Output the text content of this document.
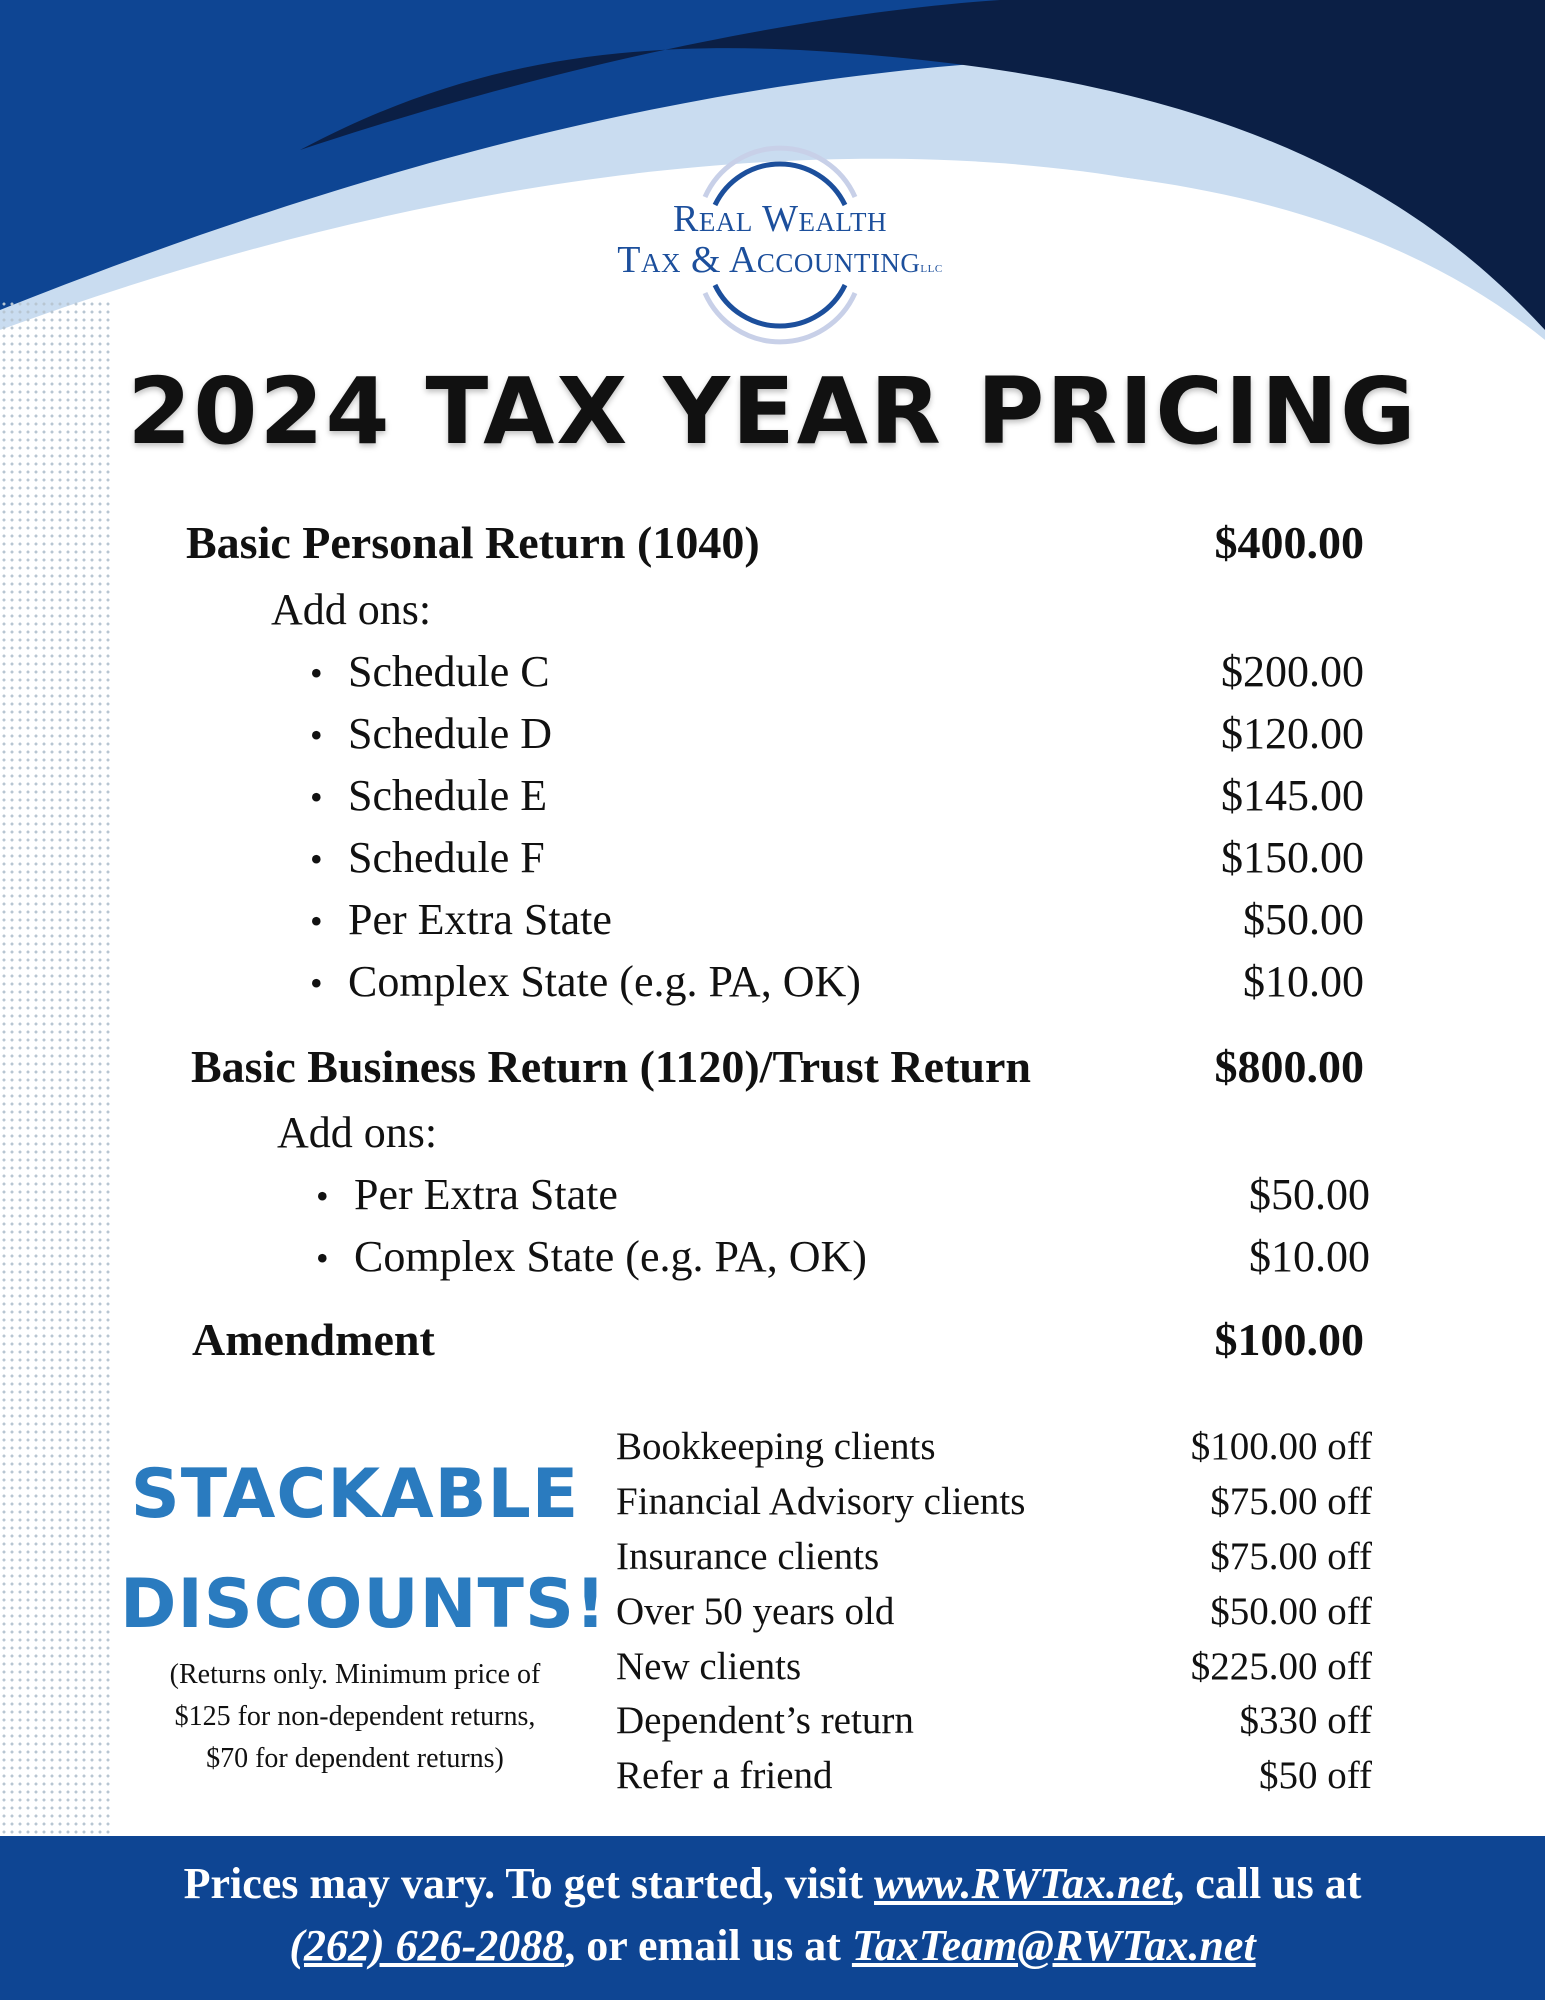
Real Wealth
Tax & AccountingLLC
2024 TAX YEAR PRICING
Basic Personal Return (1040)	$400.00
Add ons:
• Schedule C	$200.00
• Schedule D	$120.00
• Schedule E	$145.00
• Schedule F	$150.00
• Per Extra State	$50.00
• Complex State (e.g. PA, OK)	$10.00
Basic Business Return (1120)/Trust Return	$800.00
Add ons:
• Per Extra State	$50.00
• Complex State (e.g. PA, OK)	$10.00
Amendment	$100.00
STACKABLE
DISCOUNTS!
(Returns only. Minimum price of
$125 for non-dependent returns,
$70 for dependent returns)
Bookkeeping clients	$100.00 off
Financial Advisory clients	$75.00 off
Insurance clients	$75.00 off
Over 50 years old	$50.00 off
New clients	$225.00 off
Dependent’s return	$330 off
Refer a friend	$50 off
Prices may vary. To get started, visit www.RWTax.net, call us at
(262) 626-2088, or email us at TaxTeam@RWTax.net
